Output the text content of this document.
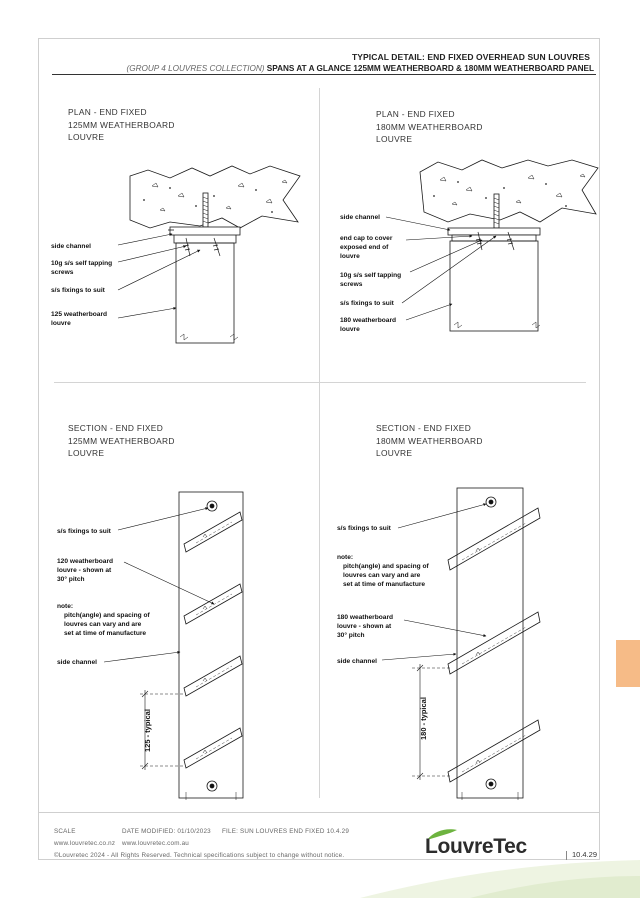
TYPICAL DETAIL: END FIXED OVERHEAD SUN LOUVRES
(GROUP 4 LOUVRES COLLECTION) SPANS AT A GLANCE 125MM WEATHERBOARD & 180MM WEATHERBOARD PANEL
PLAN - END FIXED
125MM WEATHERBOARD
LOUVRE
PLAN - END FIXED
180MM WEATHERBOARD
LOUVRE
SECTION - END FIXED
125MM WEATHERBOARD
LOUVRE
SECTION - END FIXED
180MM WEATHERBOARD
LOUVRE
side channel
10g s/s self tapping
screws
s/s fixings to suit
125 weatherboard
louvre
side channel
end cap to cover
exposed end of
louvre
10g s/s self tapping
screws
s/s fixings to suit
180 weatherboard
louvre
s/s fixings to suit
120 weatherboard
louvre - shown at
30° pitch
note:
pitch(angle) and spacing of
louvres can vary and are
set at time of manufacture
side channel
125 - typical
s/s fixings to suit
note:
pitch(angle) and spacing of
louvres can vary and are
set at time of manufacture
180 weatherboard
louvre - shown at
30° pitch
side channel
180 - typical
SCALE	DATE MODIFIED: 01/10/2023 FILE: SUN LOUVRES END FIXED 10.4.29
www.louvretec.co.nz www.louvretec.com.au
©Louvretec 2024 - All Rights Reserved. Technical specifications subject to change without notice.	LouvreTec	10.4.29
